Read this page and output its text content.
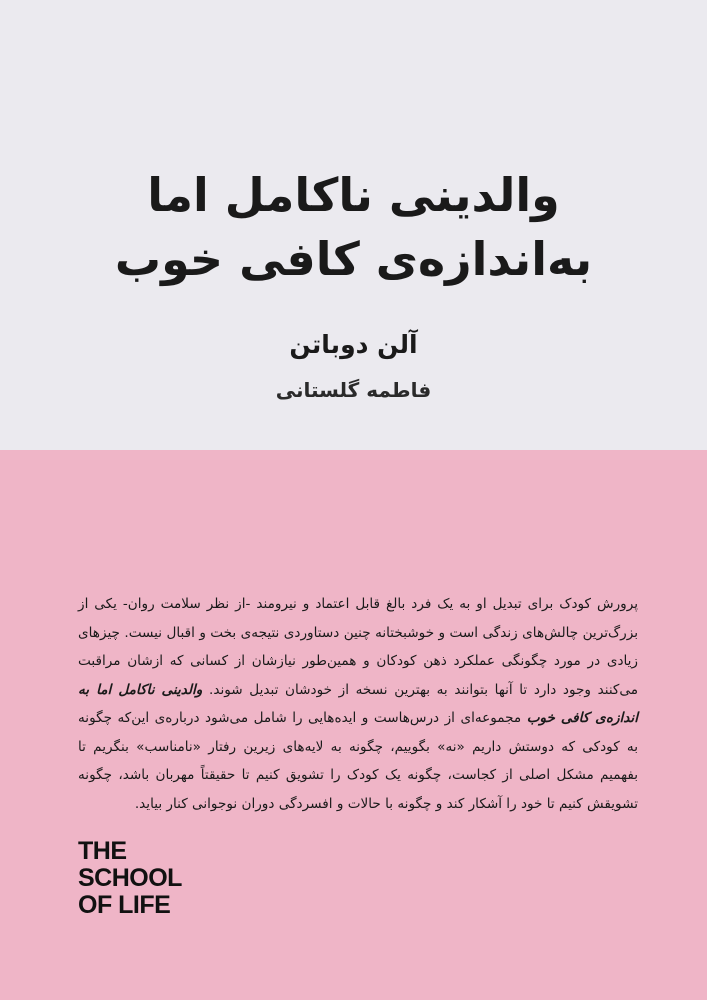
والدینی ناکامل اما
به‌اندازه‌ی کافی خوب
آلن دوباتن
فاطمه گلستانی
پرورش کودک برای تبدیل او به یک فرد بالغ قابل اعتماد و نیرومند -از نظر سلامت روان- یکی از بزرگ‌ترین چالش‌های زندگی است و خوشبختانه چنین دستاوردی نتیجه‌ی بخت و اقبال نیست. چیزهای زیادی در مورد چگونگی عملکرد ذهن کودکان و همین‌طور نیازشان از کسانی که ازشان مراقبت می‌کنند وجود دارد تا آنها بتوانند به بهترین نسخه از خودشان تبدیل شوند. والدینی ناکامل اما به اندازه‌ی کافی خوب مجموعه‌ای از درس‌هاست و ایده‌هایی را شامل می‌شود درباره‌ی این‌که چگونه به کودکی که دوستش داریم «نه» بگوییم، چگونه به لایه‌های زیرین رفتار «نامناسب» بنگریم تا بفهمیم مشکل اصلی از کجاست، چگونه یک کودک را تشویق کنیم تا حقیقتاً مهربان باشد، چگونه تشویقش کنیم تا خود را آشکار کند و چگونه با حالات و افسردگی دوران نوجوانی کنار بیاید.
THE
SCHOOL
OF LIFE
